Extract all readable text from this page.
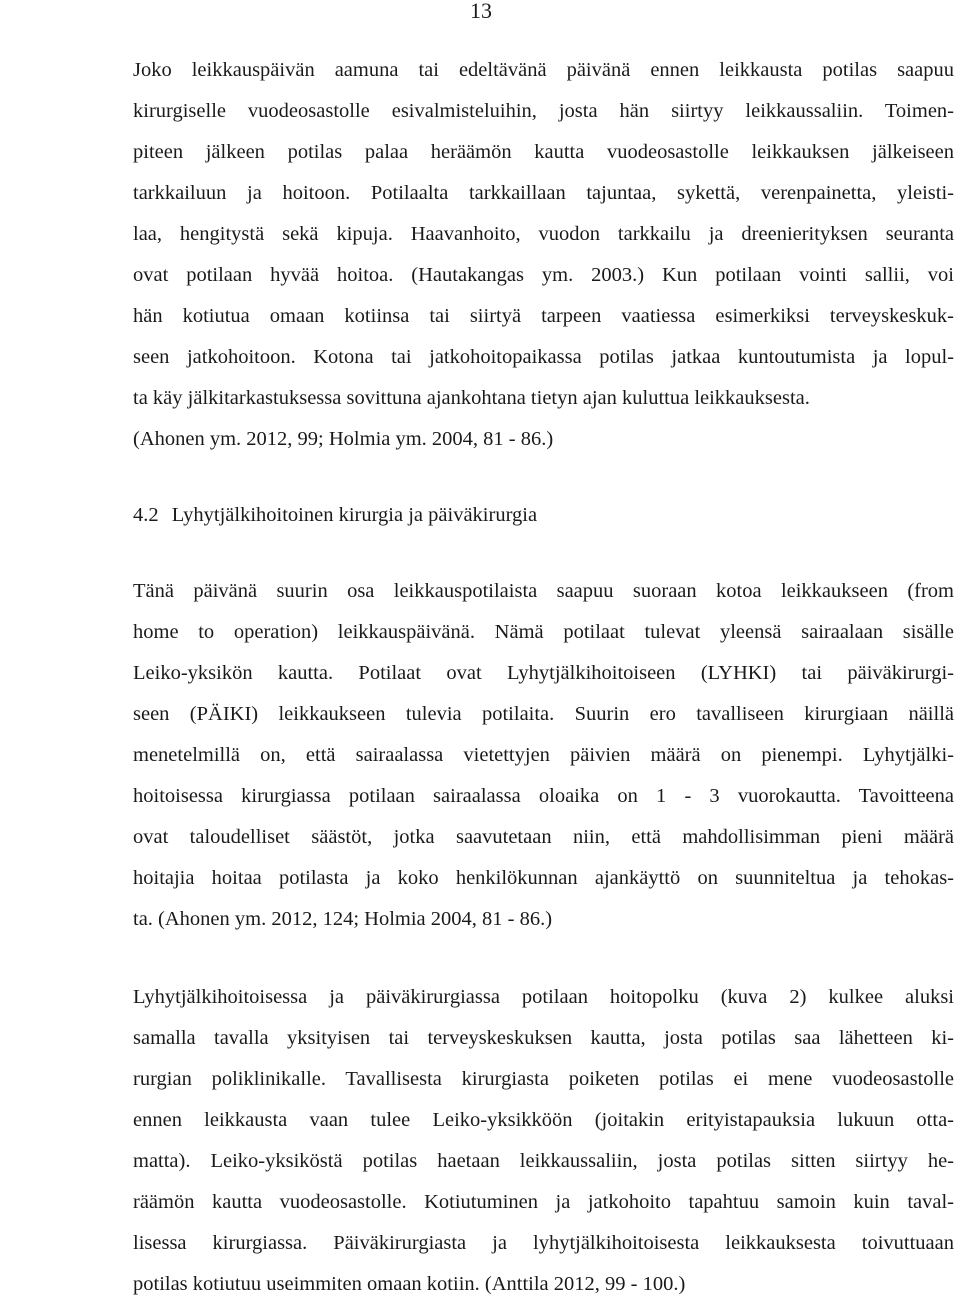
13
Joko leikkauspäivän aamuna tai edeltävänä päivänä ennen leikkausta potilas saapuu
kirurgiselle vuodeosastolle esivalmisteluihin, josta hän siirtyy leikkaussaliin. Toimen-
piteen jälkeen potilas palaa heräämön kautta vuodeosastolle leikkauksen jälkeiseen
tarkkailuun ja hoitoon. Potilaalta tarkkaillaan tajuntaa, sykettä, verenpainetta, yleisti-
laa, hengitystä sekä kipuja. Haavanhoito, vuodon tarkkailu ja dreenierityksen seuranta
ovat potilaan hyvää hoitoa. (Hautakangas ym. 2003.) Kun potilaan vointi sallii, voi
hän kotiutua omaan kotiinsa tai siirtyä tarpeen vaatiessa esimerkiksi terveyskeskuk-
seen jatkohoitoon. Kotona tai jatkohoitopaikassa potilas jatkaa kuntoutumista ja lopul-
ta käy jälkitarkastuksessa sovittuna ajankohtana tietyn ajan kuluttua leikkauksesta.
(Ahonen ym. 2012, 99; Holmia ym. 2004, 81 - 86.)
4.2 Lyhytjälkihoitoinen kirurgia ja päiväkirurgia
Tänä päivänä suurin osa leikkauspotilaista saapuu suoraan kotoa leikkaukseen (from
home to operation) leikkauspäivänä. Nämä potilaat tulevat yleensä sairaalaan sisälle
Leiko-yksikön kautta. Potilaat ovat Lyhytjälkihoitoiseen (LYHKI) tai päiväkirurgi-
seen (PÄIKI) leikkaukseen tulevia potilaita. Suurin ero tavalliseen kirurgiaan näillä
menetelmillä on, että sairaalassa vietettyjen päivien määrä on pienempi. Lyhytjälki-
hoitoisessa kirurgiassa potilaan sairaalassa oloaika on 1 - 3 vuorokautta. Tavoitteena
ovat taloudelliset säästöt, jotka saavutetaan niin, että mahdollisimman pieni määrä
hoitajia hoitaa potilasta ja koko henkilökunnan ajankäyttö on suunniteltua ja tehokas-
ta. (Ahonen ym. 2012, 124; Holmia 2004, 81 - 86.)
Lyhytjälkihoitoisessa ja päiväkirurgiassa potilaan hoitopolku (kuva 2) kulkee aluksi
samalla tavalla yksityisen tai terveyskeskuksen kautta, josta potilas saa lähetteen ki-
rurgian poliklinikalle. Tavallisesta kirurgiasta poiketen potilas ei mene vuodeosastolle
ennen leikkausta vaan tulee Leiko-yksikköön (joitakin erityistapauksia lukuun otta-
matta). Leiko-yksiköstä potilas haetaan leikkaussaliin, josta potilas sitten siirtyy he-
räämön kautta vuodeosastolle. Kotiutuminen ja jatkohoito tapahtuu samoin kuin taval-
lisessa kirurgiassa. Päiväkirurgiasta ja lyhytjälkihoitoisesta leikkauksesta toivuttuaan
potilas kotiutuu useimmiten omaan kotiin. (Anttila 2012, 99 - 100.)
